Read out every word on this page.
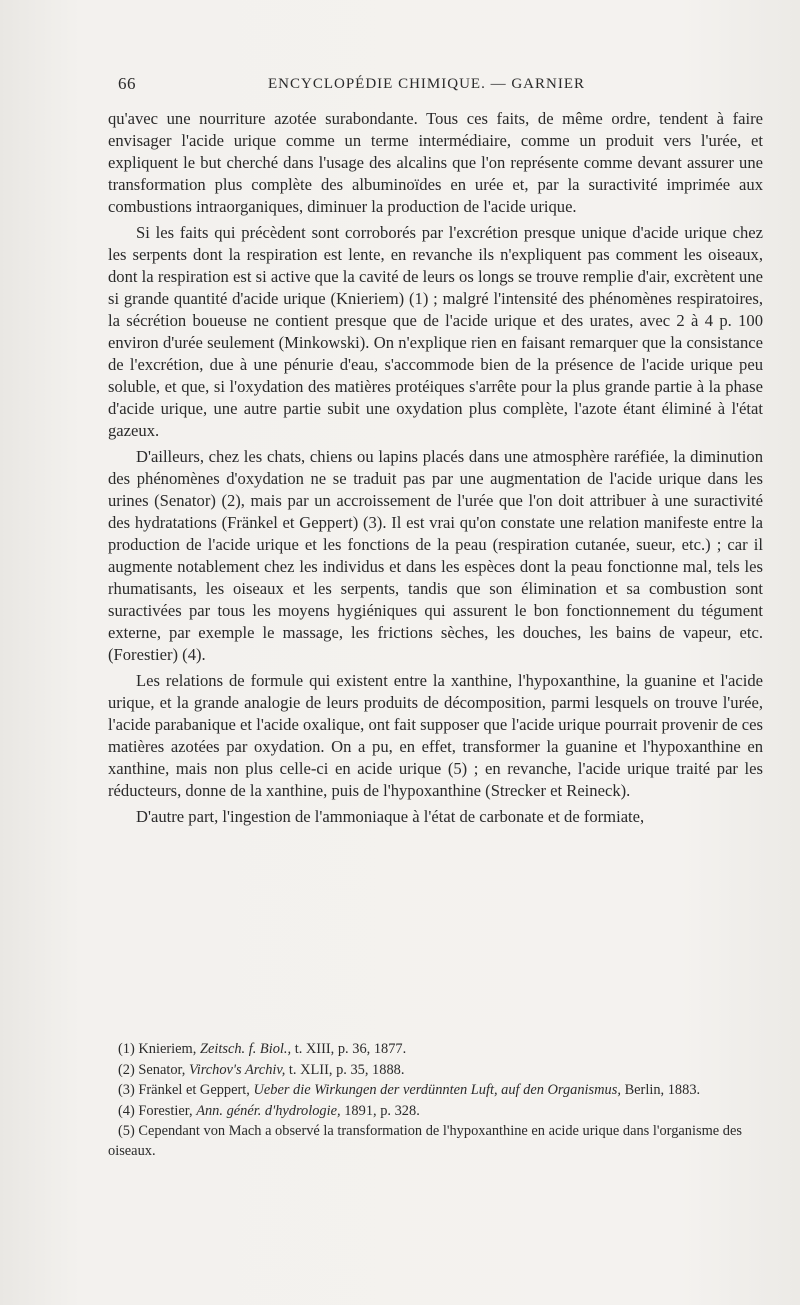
66	ENCYCLOPÉDIE CHIMIQUE. — GARNIER

qu'avec une nourriture azotée surabondante. Tous ces faits, de même ordre, tendent à faire envisager l'acide urique comme un terme intermédiaire, comme un produit vers l'urée, et expliquent le but cherché dans l'usage des alcalins que l'on représente comme devant assurer une transformation plus complète des albuminoïdes en urée et, par la suractivité imprimée aux combustions intraorganiques, diminuer la production de l'acide urique.

Si les faits qui précèdent sont corroborés par l'excrétion presque unique d'acide urique chez les serpents dont la respiration est lente, en revanche ils n'expliquent pas comment les oiseaux, dont la respiration est si active que la cavité de leurs os longs se trouve remplie d'air, excrètent une si grande quantité d'acide urique (Knieriem) (1) ; malgré l'intensité des phénomènes respiratoires, la sécrétion boueuse ne contient presque que de l'acide urique et des urates, avec 2 à 4 p. 100 environ d'urée seulement (Minkowski). On n'explique rien en faisant remarquer que la consistance de l'excrétion, due à une pénurie d'eau, s'accommode bien de la présence de l'acide urique peu soluble, et que, si l'oxydation des matières protéiques s'arrête pour la plus grande partie à la phase d'acide urique, une autre partie subit une oxydation plus complète, l'azote étant éliminé à l'état gazeux.

D'ailleurs, chez les chats, chiens ou lapins placés dans une atmosphère raréfiée, la diminution des phénomènes d'oxydation ne se traduit pas par une augmentation de l'acide urique dans les urines (Senator) (2), mais par un accroissement de l'urée que l'on doit attribuer à une suractivité des hydratations (Fränkel et Geppert) (3). Il est vrai qu'on constate une relation manifeste entre la production de l'acide urique et les fonctions de la peau (respiration cutanée, sueur, etc.) ; car il augmente notablement chez les individus et dans les espèces dont la peau fonctionne mal, tels les rhumatisants, les oiseaux et les serpents, tandis que son élimination et sa combustion sont suractivées par tous les moyens hygiéniques qui assurent le bon fonctionnement du tégument externe, par exemple le massage, les frictions sèches, les douches, les bains de vapeur, etc. (Forestier) (4).

Les relations de formule qui existent entre la xanthine, l'hypoxanthine, la guanine et l'acide urique, et la grande analogie de leurs produits de décomposition, parmi lesquels on trouve l'urée, l'acide parabanique et l'acide oxalique, ont fait supposer que l'acide urique pourrait provenir de ces matières azotées par oxydation. On a pu, en effet, transformer la guanine et l'hypoxanthine en xanthine, mais non plus celle-ci en acide urique (5) ; en revanche, l'acide urique traité par les réducteurs, donne de la xanthine, puis de l'hypoxanthine (Strecker et Reineck).

D'autre part, l'ingestion de l'ammoniaque à l'état de carbonate et de formiate,

(1) Knieriem, Zeitsch. f. Biol., t. XIII, p. 36, 1877.

(2) Senator, Virchov's Archiv, t. XLII, p. 35, 1888.

(3) Fränkel et Geppert, Ueber die Wirkungen der verdünnten Luft, auf den Organismus, Berlin, 1883.

(4) Forestier, Ann. génér. d'hydrologie, 1891, p. 328.

(5) Cependant von Mach a observé la transformation de l'hypoxanthine en acide urique dans l'organisme des oiseaux.
